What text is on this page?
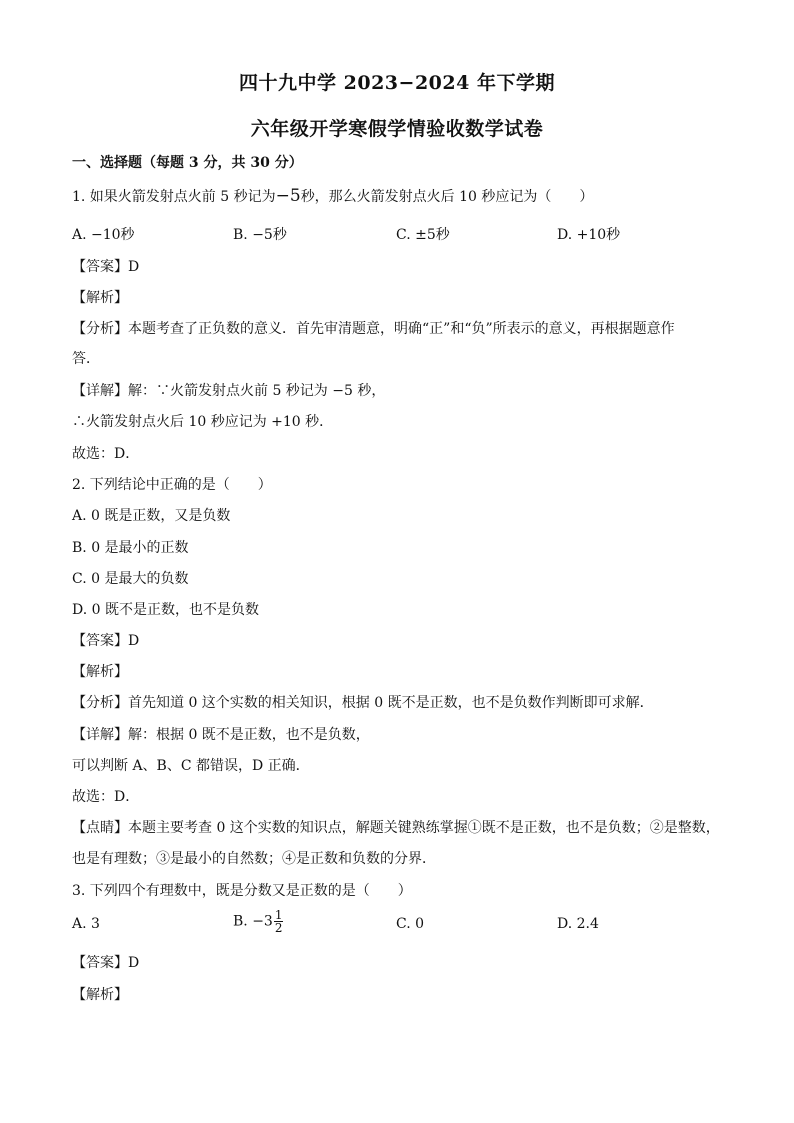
四十九中学 2023−2024 年下学期
六年级开学寒假学情验收数学试卷
一、选择题（每题 3 分，共 30 分）
1. 如果火箭发射点火前 5 秒记为−5秒，那么火箭发射点火后 10 秒应记为（　　）
A. −10秒	B. −5秒	C. ±5秒	D. +10秒
【答案】D
【解析】
【分析】本题考查了正负数的意义．首先审清题意，明确“正”和“负”所表示的意义，再根据题意作
答．
【详解】解：∵火箭发射点火前 5 秒记为 −5 秒，
∴火箭发射点火后 10 秒应记为 +10 秒．
故选：D．
2. 下列结论中正确的是（　　）
A. 0 既是正数，又是负数
B. 0 是最小的正数
C. 0 是最大的负数
D. 0 既不是正数，也不是负数
【答案】D
【解析】
【分析】首先知道 0 这个实数的相关知识，根据 0 既不是正数，也不是负数作判断即可求解．
【详解】解：根据 0 既不是正数，也不是负数，
可以判断 A、B、C 都错误，D 正确．
故选：D．
【点睛】本题主要考查 0 这个实数的知识点，解题关键熟练掌握①既不是正数，也不是负数；②是整数，
也是有理数；③是最小的自然数；④是正数和负数的分界．
3. 下列四个有理数中，既是分数又是正数的是（　　）
A. 3	B. $-3 \frac{1}{2}$	C. 0	D. 2.4
【答案】D
【解析】
